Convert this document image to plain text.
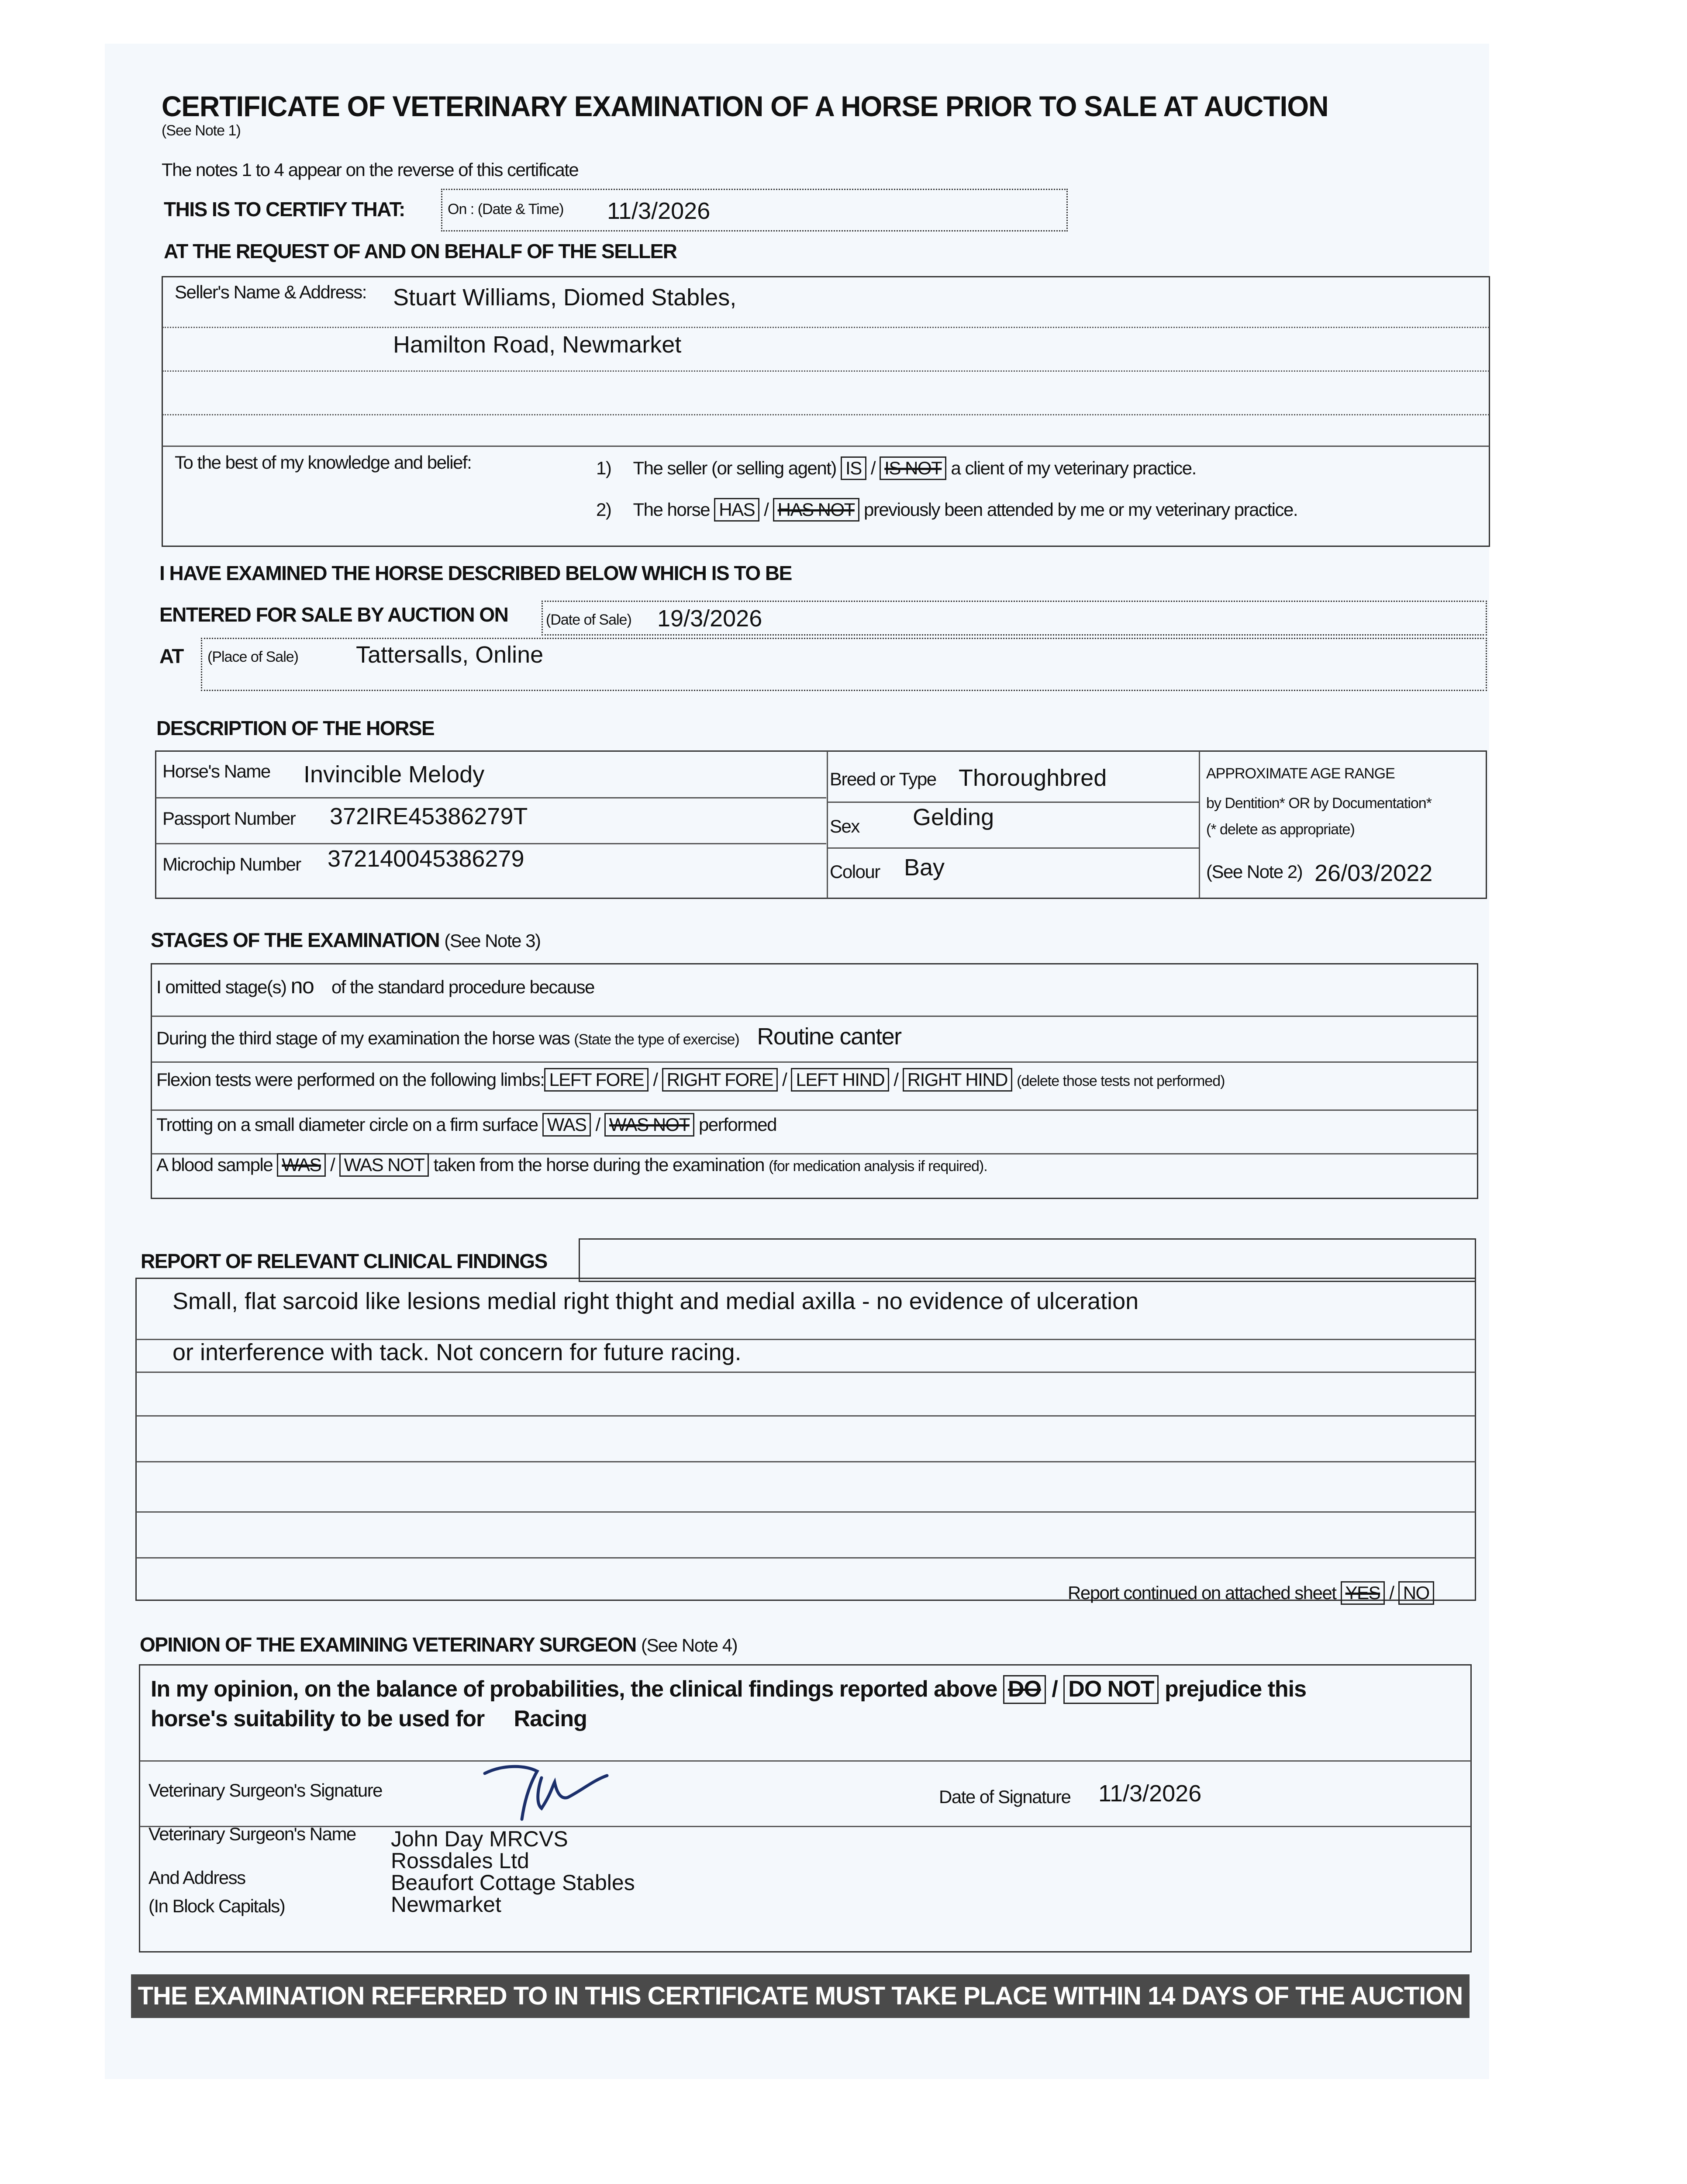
CERTIFICATE OF VETERINARY EXAMINATION OF A HORSE PRIOR TO SALE AT AUCTION
(See Note 1)
The notes 1 to 4 appear on the reverse of this certificate
THIS IS TO CERTIFY THAT:	On : (Date & Time) 11/3/2026
AT THE REQUEST OF AND ON BEHALF OF THE SELLER
Seller's Name & Address: Stuart Williams, Diomed Stables,
Hamilton Road, Newmarket
To the best of my knowledge and belief:	1) The seller (or selling agent) IS / IS NOT a client of my veterinary practice.
2) The horse HAS / HAS NOT previously been attended by me or my veterinary practice.
I HAVE EXAMINED THE HORSE DESCRIBED BELOW WHICH IS TO BE
ENTERED FOR SALE BY AUCTION ON	(Date of Sale) 19/3/2026
AT (Place of Sale) Tattersalls, Online
DESCRIPTION OF THE HORSE
Horse's Name Invincible Melody
Passport Number 372IRE45386279T
Microchip Number 372140045386279
Breed or Type Thoroughbred
Sex Gelding
Colour Bay
APPROXIMATE AGE RANGE
by Dentition* OR by Documentation*
(* delete as appropriate)
(See Note 2) 26/03/2022
STAGES OF THE EXAMINATION (See Note 3)
I omitted stage(s) no of the standard procedure because
During the third stage of my examination the horse was (State the type of exercise) Routine canter
Flexion tests were performed on the following limbs: LEFT FORE / RIGHT FORE / LEFT HIND / RIGHT HIND (delete those tests not performed)
Trotting on a small diameter circle on a firm surface WAS / WAS NOT performed
A blood sample WAS / WAS NOT taken from the horse during the examination (for medication analysis if required).
REPORT OF RELEVANT CLINICAL FINDINGS
Small, flat sarcoid like lesions medial right thight and medial axilla - no evidence of ulceration
or interference with tack. Not concern for future racing.
Report continued on attached sheet YES / NO
OPINION OF THE EXAMINING VETERINARY SURGEON (See Note 4)
In my opinion, on the balance of probabilities, the clinical findings reported above DO / DO NOT prejudice this
horse's suitability to be used for Racing
Veterinary Surgeon's Signature	Date of Signature 11/3/2026
Veterinary Surgeon's Name
And Address
(In Block Capitals)
John Day MRCVS
Rossdales Ltd
Beaufort Cottage Stables
Newmarket
THE EXAMINATION REFERRED TO IN THIS CERTIFICATE MUST TAKE PLACE WITHIN 14 DAYS OF THE AUCTION
